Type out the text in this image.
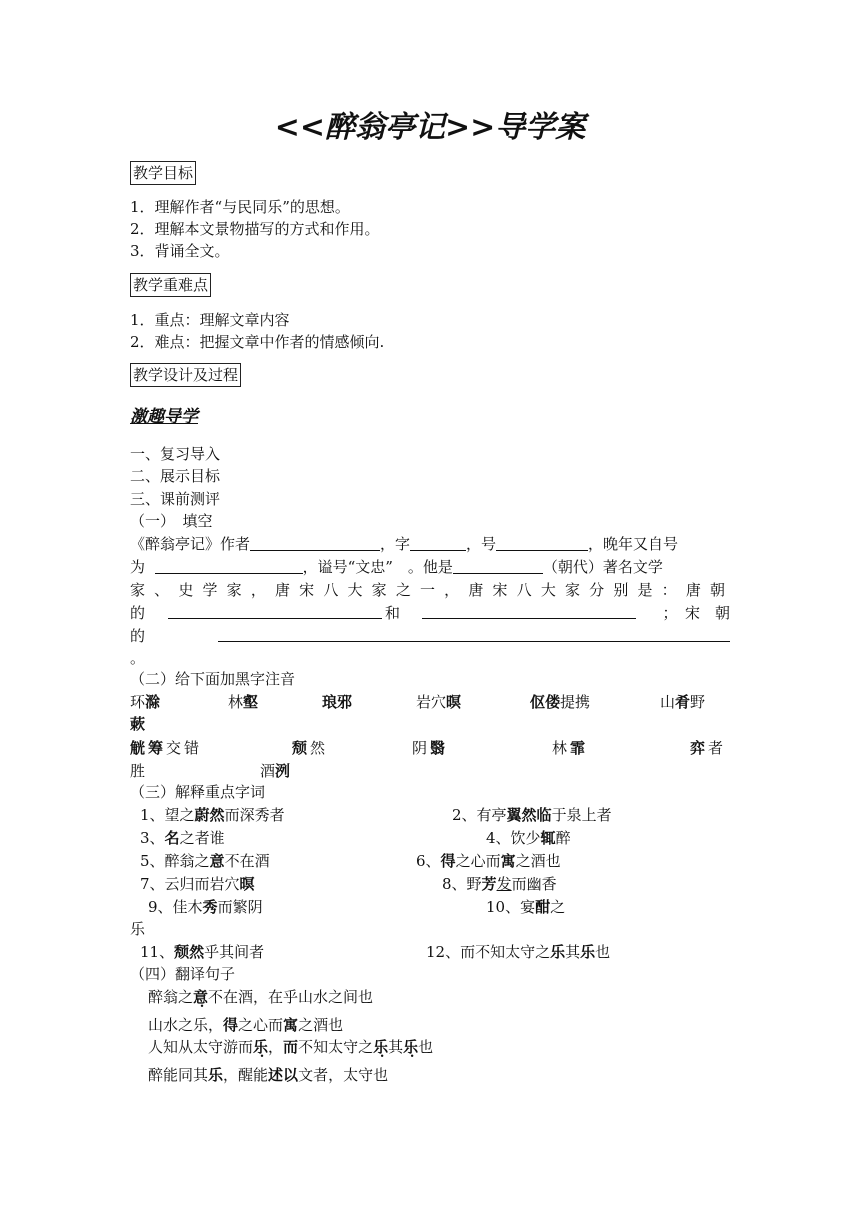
<<醉翁亭记>>导学案
教学目标
1．理解作者“与民同乐”的思想。
2．理解本文景物描写的方式和作用。
3．背诵全文。
教学重难点
1．重点：理解文章内容
2．难点：把握文章中作者的情感倾向.
教学设计及过程
激趣导学
一、复习导入
二、展示目标
三、课前测评
（一）　填空
《醉翁亭记》作者	，字	，号	，晚年又自号
为	，谥号“文忠”　。他是	（朝代）著名文学
家、史学家，唐宋八大家之一，唐宋八大家分别是：唐朝
的	和	；　宋　朝
的
。
（二）给下面加黑字注音
环滁	林壑	琅邪	岩穴暝	伛偻提携	山肴野
蔌
觥筹交错	颓然	阴翳	林霏	弈者
胜	酒洌
（三）解释重点字词
1、望之蔚然而深秀者	2、有亭翼然临于泉上者
3、名之者谁	4、饮少辄醉
5、醉翁之意不在酒	6、得之心而寓之酒也
7、云归而岩穴暝	8、野芳发而幽香
9、佳木秀而繁阴	10、宴酣之
乐
11、颓然乎其间者	12、而不知太守之乐其乐也
（四）翻译句子
醉翁之意不在酒，在乎山水之间也
山水之乐，得之心而寓之酒也
人知从太守游而乐，而不知太守之乐其乐也
醉能同其乐，醒能述以文者，太守也
